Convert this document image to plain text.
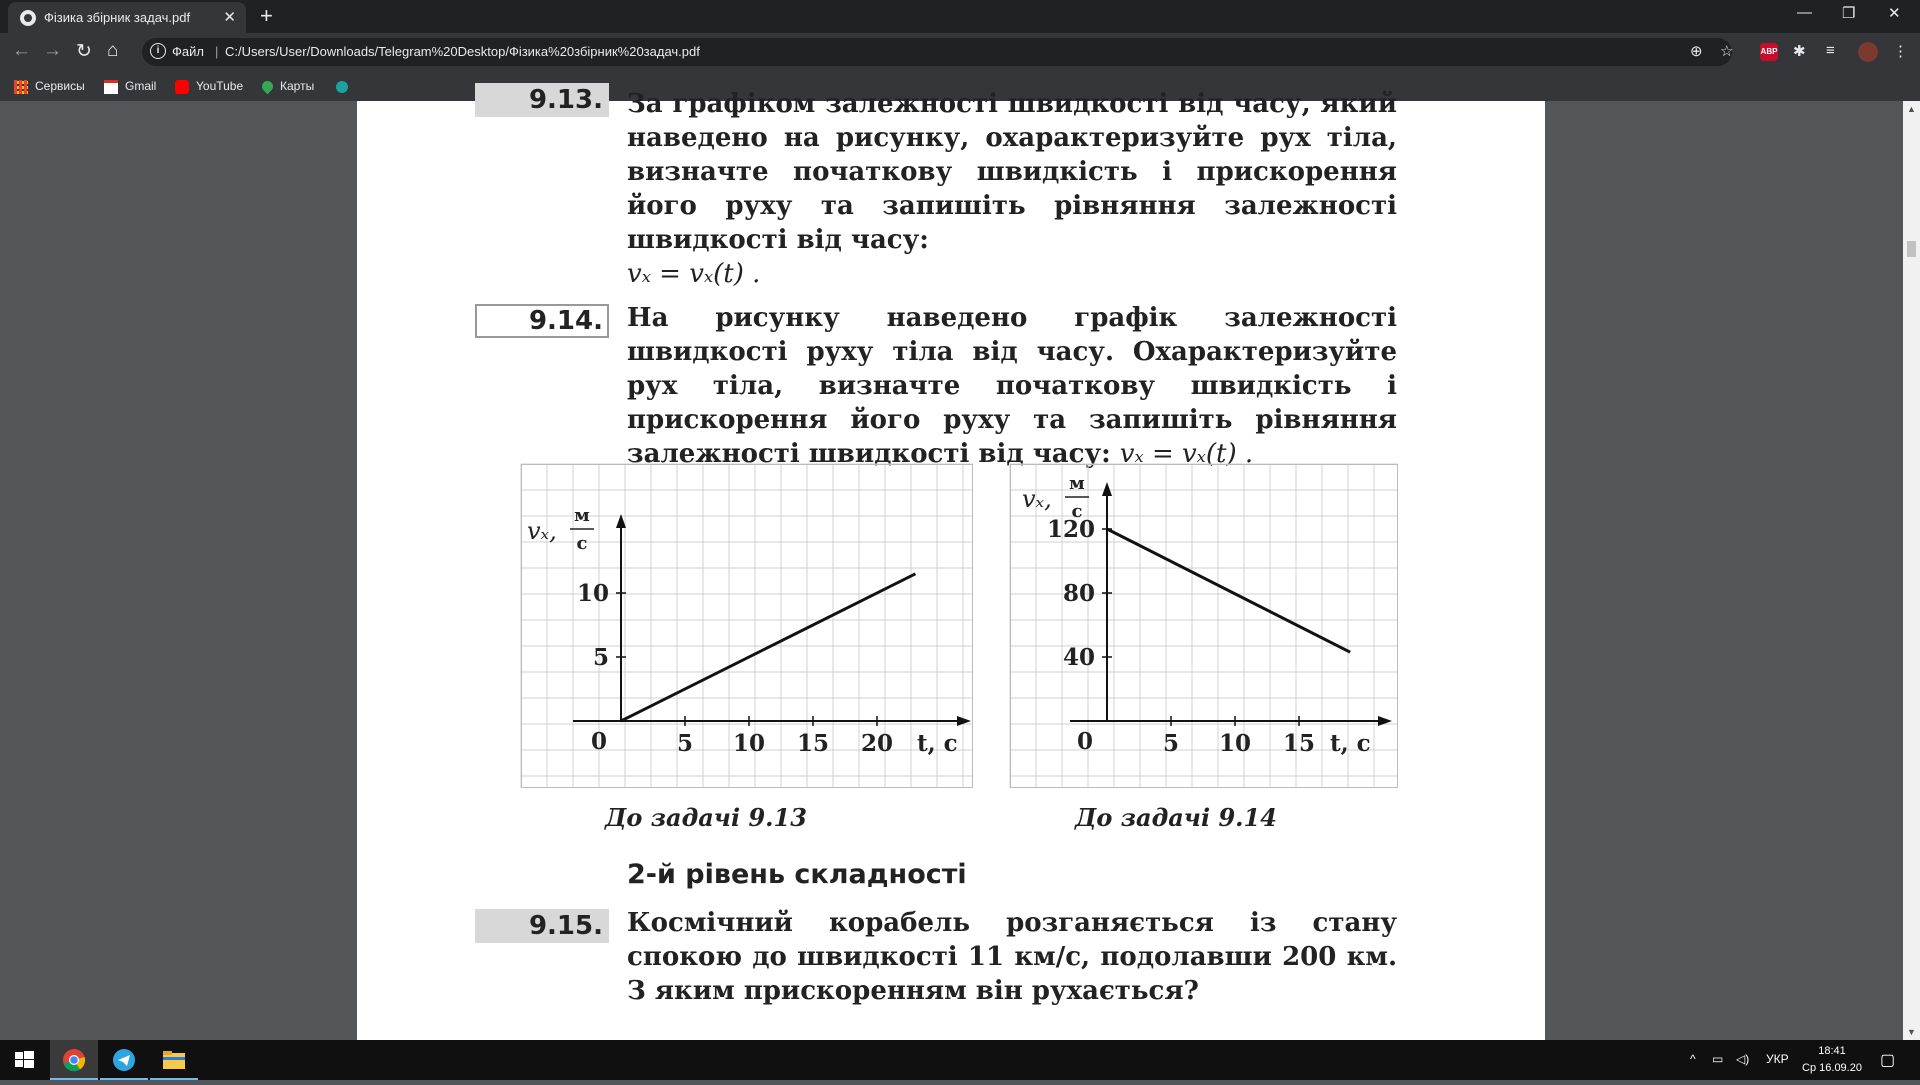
Фізика збірник задач.pdf ✕ +	— ❐ ✕
← → ↻ ⌂	i Файл | C:/Users/User/Downloads/Telegram%20Desktop/Фізика%20збірник%20задач.pdf	⊕ ☆	ABP ✱ ≡	⋮
Сервисы	Gmail	YouTube	Карты	9.13. За графіком залежності швидкості від часу, який наведено на рисунку, охарактеризуйте рух тіла, визначте початкову швидкість і прискорення його руху та запишіть рівняння залежності швидкості від часу:
vₓ = vₓ(t) .
9.14. На рисунку наведено графік залежності швидкості руху тіла від часу. Охарактеризуйте рух тіла, визначте початкову швидкість і прискорення його руху та запишіть рівняння залежності швидкості від часу: vₓ = vₓ(t) .
5 10 15 20
5
10
0	t, с
vₓ,
м
с
5 10 15
40
80
120
0	t, с
vₓ,
м
с
До задачі 9.13	До задачі 9.14
2-й рівень складності
9.15. Космічний корабель розганяється із стану спокою до швидкості 11 км/с, подолавши 200 км. З яким прискоренням він рухається?
▲
▼
^ ▭ ◁) УКР
18:41
Ср 16.09.20 ▢
